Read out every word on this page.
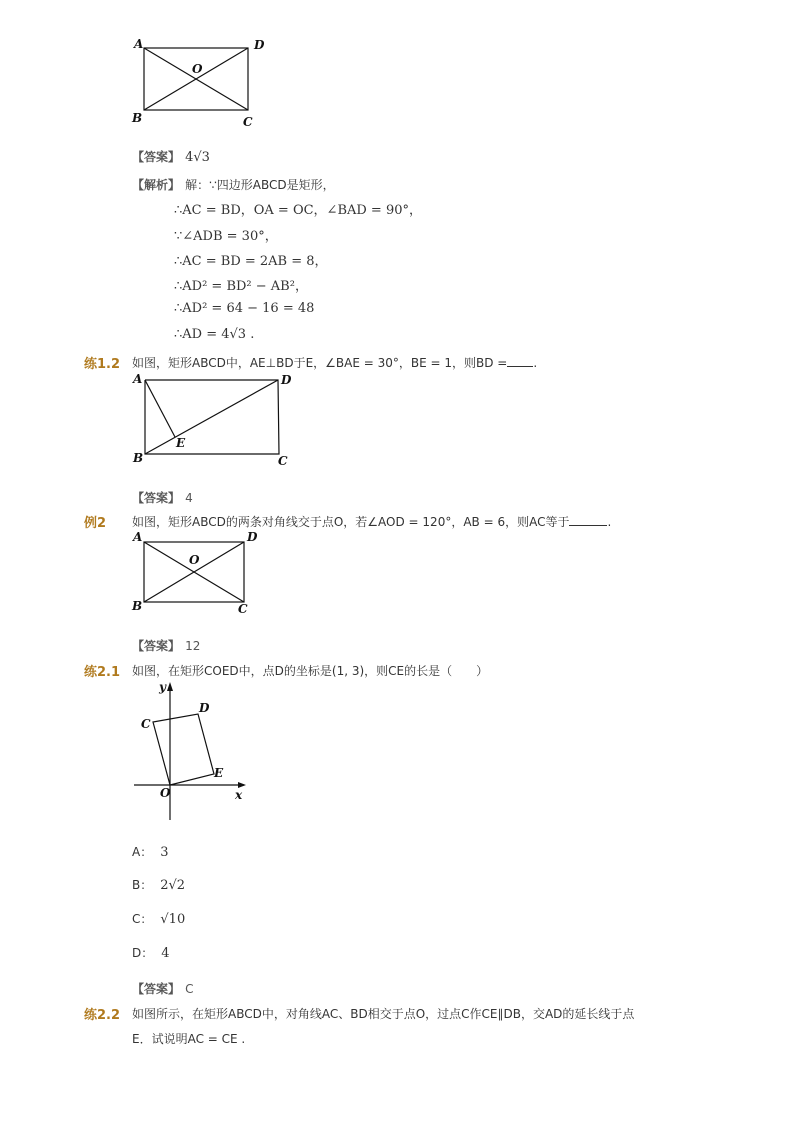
A	D
O
B	C
【答案】 4√3
【解析】 解：∵四边形ABCD是矩形，
∴AC = BD，OA = OC，∠BAD = 90°，
∵∠ADB = 30°，
∴AC = BD = 2AB = 8，
∴AD² = BD² − AB²，
∴AD² = 64 − 16 = 48
∴AD = 4√3 .
练1.2 如图，矩形ABCD中，AE⊥BD于E，∠BAE = 30°，BE = 1，则BD = .
A	D
E
B	C
【答案】 4
例2 如图，矩形ABCD的两条对角线交于点O，若∠AOD = 120°，AB = 6，则AC等于	.
A	D
O
B	C
【答案】 12
练2.1 如图，在矩形COED中，点D的坐标是(1, 3)，则CE的长是（　　）
y
x
O
C
D
E
A： 3
B： 2√2
C： √10
D： 4
【答案】 C
练2.2 如图所示，在矩形ABCD中，对角线AC、BD相交于点O，过点C作CE∥DB，交AD的延长线于点
E．试说明AC = CE .
